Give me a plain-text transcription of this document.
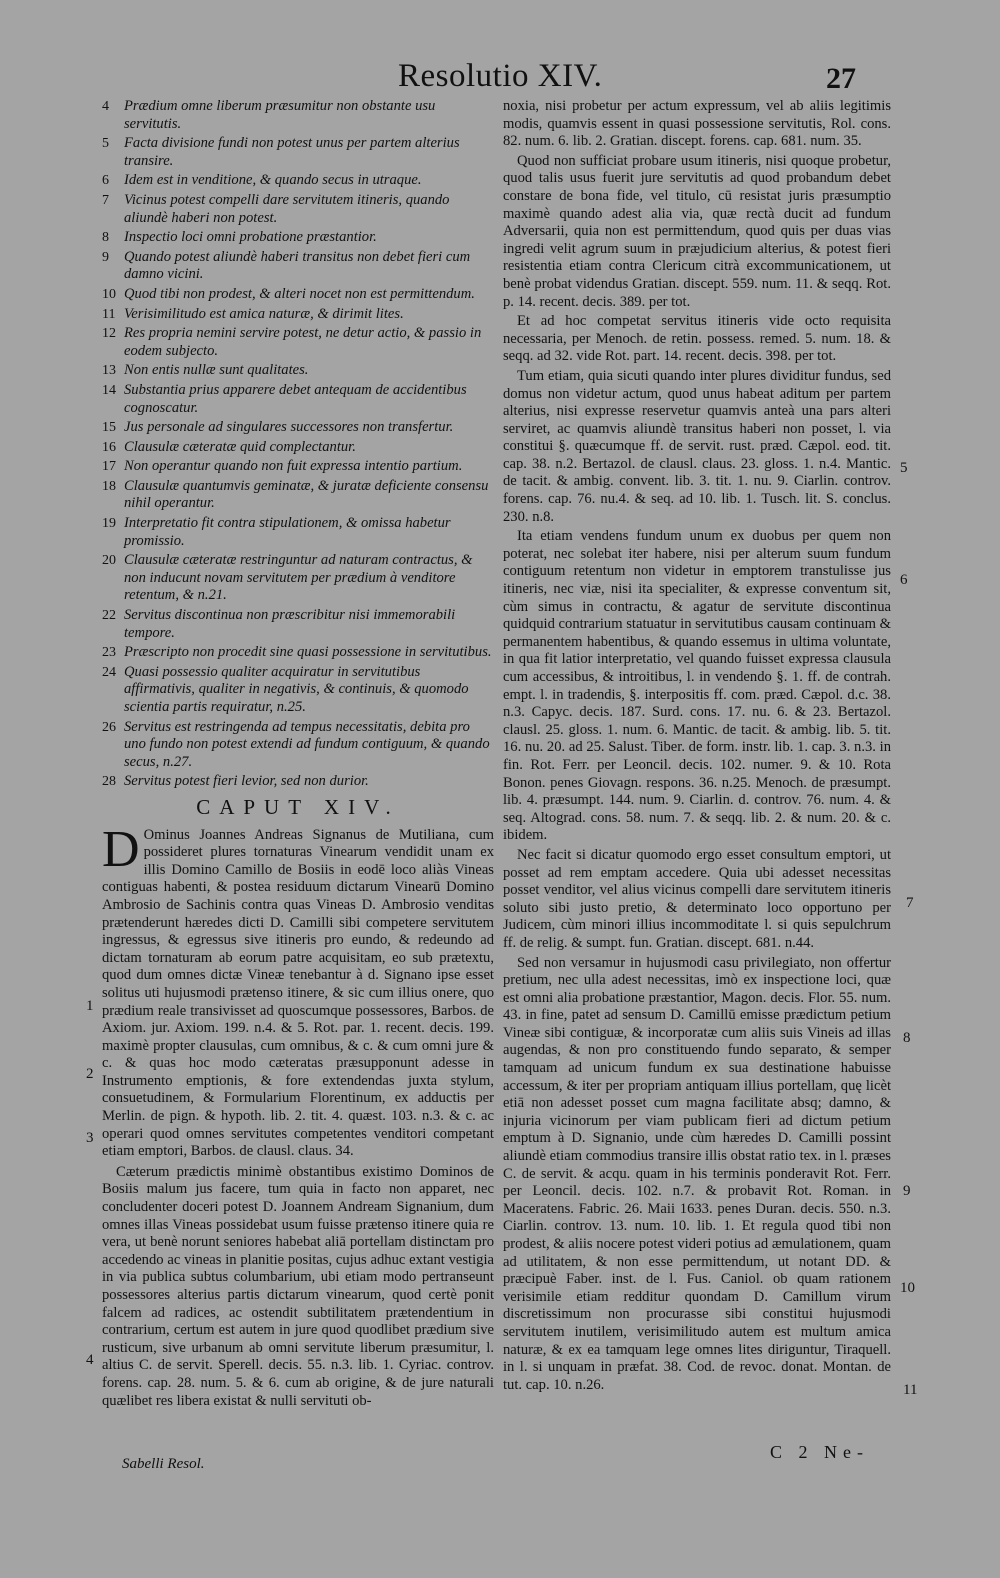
Resolutio XIV.	27
4	Prædium omne liberum præsumitur non obstante usu servitutis.
5	Facta divisione fundi non potest unus per partem alterius transire.
6	Idem est in venditione, & quando secus in utraque.
7	Vicinus potest compelli dare servitutem itineris, quando aliundè haberi non potest.
8	Inspectio loci omni probatione præstantior.
9	Quando potest aliundè haberi transitus non debet fieri cum damno vicini.
10 Quod tibi non prodest, & alteri nocet non est permittendum.
11 Verisimilitudo est amica naturæ, & dirimit lites.
12 Res propria nemini servire potest, ne detur actio, & passio in eodem subjecto.
13 Non entis nullæ sunt qualitates.
14 Substantia prius apparere debet antequam de accidentibus cognoscatur.
15 Jus personale ad singulares successores non transfertur.
16 Clausulæ cæteratæ quid complectantur.
17 Non operantur quando non fuit expressa intentio partium.
18 Clausulæ quantumvis geminatæ, & juratæ deficiente consensu nihil operantur.
19 Interpretatio fit contra stipulationem, & omissa habetur promissio.
20 Clausulæ cæteratæ restringuntur ad naturam contractus, & non inducunt novam servitutem per prædium à venditore retentum, & n.21.
22 Servitus discontinua non præscribitur nisi immemorabili tempore.
23 Præscripto non procedit sine quasi possessione in servitutibus.
24 Quasi possessio qualiter acquiratur in servitutibus affirmativis, qualiter in negativis, & continuis, & quomodo scientia partis requiratur, n.25.
26 Servitus est restringenda ad tempus necessitatis, debita pro uno fundo non potest extendi ad fundum contiguum, & quando secus, n.27.
28 Servitus potest fieri levior, sed non durior.
CAPUT XIV.

D Ominus Joannes Andreas Signanus de Mutiliana, cum possideret plures tornaturas Vinearum vendidit unam ex illis Domino Camillo de Bosiis in eodē loco aliàs Vineas contiguas habenti, & postea residuum dictarum Vinearū Domino Ambrosio de Sachinis contra quas Vineas D. Ambrosio venditas prætenderunt hæredes dicti D. Camilli sibi competere servitutem ingressus, & egressus sive itineris pro eundo, & redeundo ad dictam tornaturam ab eorum patre acquisitam, eo sub prætextu, quod dum omnes dictæ Vineæ tenebantur à d. Signano ipse esset solitus uti hujusmodi prætenso itinere, & sic cum illius onere, quo prædium reale transivisset ad quoscumque possessores, Barbos. de Axiom. jur. Axiom. 199. n.4. & 5. Rot. par. 1. recent. decis. 199. maximè propter clausulas, cum omnibus, & c. & cum omni jure & c. & quas hoc modo cæteratas præsupponunt adesse in Instrumento emptionis, & fore extendendas juxta stylum, consuetudinem, & Formularium Florentinum, ex adductis per Merlin. de pign. & hypoth. lib. 2. tit. 4. quæst. 103. n.3. & c. ac operari quod omnes servitutes competentes venditori competant etiam emptori, Barbos. de clausl. claus. 34.

Cæterum prædictis minimè obstantibus existimo Dominos de Bosiis malum jus facere, tum quia in facto non apparet, nec concludenter doceri potest D. Joannem Andream Signanium, dum omnes illas Vineas possidebat usum fuisse prætenso itinere quia re vera, ut benè norunt seniores habebat aliā portellam distinctam pro accedendo ac vineas in planitie positas, cujus adhuc extant vestigia in via publica subtus columbarium, ubi etiam modo pertranseunt possessores alterius partis dictarum vinearum, quod certè ponit falcem ad radices, ac ostendit subtilitatem prætendentium in contrarium, certum est autem in jure quod quodlibet prædium sive rusticum, sive urbanum ab omni servitute liberum præsumitur, l. altius C. de servit. Sperell. decis. 55. n.3. lib. 1. Cyriac. controv. forens. cap. 28. num. 5. & 6. cum ab origine, & de jure naturali quælibet res libera existat & nulli servituti ob-

noxia, nisi probetur per actum expressum, vel ab aliis legitimis modis, quamvis essent in quasi possessione servitutis, Rol. cons. 82. num. 6. lib. 2. Gratian. discept. forens. cap. 681. num. 35.

Quod non sufficiat probare usum itineris, nisi quoque probetur, quod talis usus fuerit jure servitutis ad quod probandum debet constare de bona fide, vel titulo, cū resistat juris præsumptio maximè quando adest alia via, quæ rectà ducit ad fundum Adversarii, quia non est permittendum, quod quis per duas vias ingredi velit agrum suum in præjudicium alterius, & potest fieri resistentia etiam contra Clericum citrà excommunicationem, ut benè probat videndus Gratian. discept. 559. num. 11. & seqq. Rot. p. 14. recent. decis. 389. per tot.

Et ad hoc competat servitus itineris vide octo requisita necessaria, per Menoch. de retin. possess. remed. 5. num. 18. & seqq. ad 32. vide Rot. part. 14. recent. decis. 398. per tot.

Tum etiam, quia sicuti quando inter plures dividitur fundus, sed domus non videtur actum, quod unus habeat aditum per partem alterius, nisi expresse reservetur quamvis anteà una pars alteri serviret, ac quamvis aliundè transitus haberi non posset, l. via constitui §. quæcumque ff. de servit. rust. præd. Cæpol. eod. tit. cap. 38. n.2. Bertazol. de clausl. claus. 23. gloss. 1. n.4. Mantic. de tacit. & ambig. convent. lib. 3. tit. 1. nu. 9. Ciarlin. controv. forens. cap. 76. nu.4. & seq. ad 10. lib. 1. Tusch. lit. S. conclus. 230. n.8.

Ita etiam vendens fundum unum ex duobus per quem non poterat, nec solebat iter habere, nisi per alterum suum fundum contiguum retentum non videtur in emptorem transtulisse jus itineris, nec viæ, nisi ita specialiter, & expresse conventum sit, cùm simus in contractu, & agatur de servitute discontinua quidquid contrarium statuatur in servitutibus causam continuam & permanentem habentibus, & quando essemus in ultima voluntate, in qua fit latior interpretatio, vel quando fuisset expressa clausula cum accessibus, & introitibus, l. in vendendo §. 1. ff. de contrah. empt. l. in tradendis, §. interpositis ff. com. præd. Cæpol. d.c. 38. n.3. Capyc. decis. 187. Surd. cons. 17. nu. 6. & 23. Bertazol. clausl. 25. gloss. 1. num. 6. Mantic. de tacit. & ambig. lib. 5. tit. 16. nu. 20. ad 25. Salust. Tiber. de form. instr. lib. 1. cap. 3. n.3. in fin. Rot. Ferr. per Leoncil. decis. 102. numer. 9. & 10. Rota Bonon. penes Giovagn. respons. 36. n.25. Menoch. de præsumpt. lib. 4. præsumpt. 144. num. 9. Ciarlin. d. controv. 76. num. 4. & seq. Altograd. cons. 58. num. 7. & seqq. lib. 2. & num. 20. & c. ibidem.

Nec facit si dicatur quomodo ergo esset consultum emptori, ut posset ad rem emptam accedere. Quia ubi adesset necessitas posset venditor, vel alius vicinus compelli dare servitutem itineris soluto sibi justo pretio, & determinato loco opportuno per Judicem, cùm minori illius incommoditate l. si quis sepulchrum ff. de relig. & sumpt. fun. Gratian. discept. 681. n.44.

Sed non versamur in hujusmodi casu privilegiato, non offertur pretium, nec ulla adest necessitas, imò ex inspectione loci, quæ est omni alia probatione præstantior, Magon. decis. Flor. 55. num. 43. in fine, patet ad sensum D. Camillū emisse prædictum petium Vineæ sibi contiguæ, & incorporatæ cum aliis suis Vineis ad illas augendas, & non pro constituendo fundo separato, & semper tamquam ad unicum fundum ex sua destinatione habuisse accessum, & iter per propriam antiquam illius portellam, quę licèt etiā non adesset posset cum magna facilitate absq; damno, & injuria vicinorum per viam publicam fieri ad dictum petium emptum à D. Signanio, unde cùm hæredes D. Camilli possint aliundè etiam commodius transire illis obstat ratio tex. in l. præses C. de servit. & acqu. quam in his terminis ponderavit Rot. Ferr. per Leoncil. decis. 102. n.7. & probavit Rot. Roman. in Maceratens. Fabric. 26. Maii 1633. penes Duran. decis. 550. n.3. Ciarlin. controv. 13. num. 10. lib. 1. Et regula quod tibi non prodest, & aliis nocere potest videri potius ad æmulationem, quam ad utilitatem, & non esse permittendum, ut notant DD. & præcipuè Faber. inst. de l. Fus. Caniol. ob quam rationem verisimile etiam redditur quondam D. Camillum virum discretissimum non procurasse sibi constitui hujusmodi servitutem inutilem, verisimilitudo autem est multum amica naturæ, & ex ea tamquam lege omnes lites diriguntur, Tiraquell. in l. si unquam in præfat. 38. Cod. de revoc. donat. Montan. de tut. cap. 10. n.26.

1
2
3
4
5
6
7
8
9
10
11
Sabelli Resol.
C 2 Ne-
